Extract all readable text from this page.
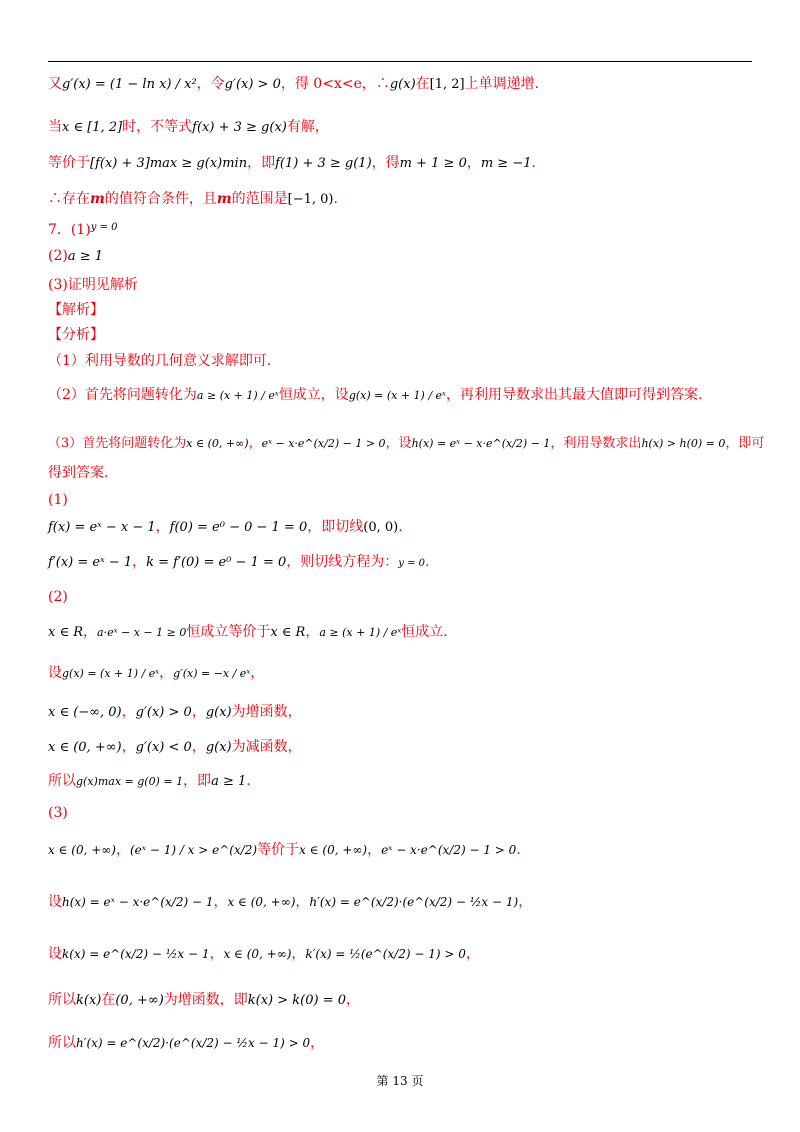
又g′(x) = (1 − ln x) / x²，令g′(x) > 0，得 0<x<e，∴g(x)在[1, 2]上单调递增.
当x ∈ [1, 2]时，不等式f(x) + 3 ≥ g(x)有解，
等价于[f(x) + 3]max ≥ g(x)min，即f(1) + 3 ≥ g(1)，得m + 1 ≥ 0，m ≥ −1.
∴存在m的值符合条件，且m的范围是[−1, 0).
7．$(1)^{y = 0}$
(2)a ≥ 1
(3)证明见解析
【解析】
【分析】
（1）利用导数的几何意义求解即可.
（2）首先将问题转化为a ≥ (x + 1) / eˣ恒成立，设g(x) = (x + 1) / eˣ，再利用导数求出其最大值即可得到答案.
（3）首先将问题转化为x ∈ (0, +∞)，eˣ − x·e^(x/2) − 1 > 0，设h(x) = eˣ − x·e^(x/2) − 1，利用导数求出h(x) > h(0) = 0，即可
得到答案.
(1)
f(x) = eˣ − x − 1，f(0) = e⁰ − 0 − 1 = 0，即切线(0, 0).
f′(x) = eˣ − 1，k = f′(0) = e⁰ − 1 = 0，则切线方程为：y = 0.
(2)
x ∈ R，a·eˣ − x − 1 ≥ 0恒成立等价于x ∈ R，a ≥ (x + 1) / eˣ恒成立.
设g(x) = (x + 1) / eˣ，g′(x) = −x / eˣ，
x ∈ (−∞, 0)，g′(x) > 0，g(x)为增函数，
x ∈ (0, +∞)，g′(x) < 0，g(x)为减函数，
所以g(x)max = g(0) = 1，即a ≥ 1.
(3)
x ∈ (0, +∞)，(eˣ − 1) / x > e^(x/2)等价于x ∈ (0, +∞)，eˣ − x·e^(x/2) − 1 > 0.
设h(x) = eˣ − x·e^(x/2) − 1，x ∈ (0, +∞)，h′(x) = e^(x/2)·(e^(x/2) − ½x − 1)，
设k(x) = e^(x/2) − ½x − 1，x ∈ (0, +∞)，k′(x) = ½(e^(x/2) − 1) > 0，
所以k(x)在(0, +∞)为增函数，即k(x) > k(0) = 0，
所以h′(x) = e^(x/2)·(e^(x/2) − ½x − 1) > 0，
第 13 页
